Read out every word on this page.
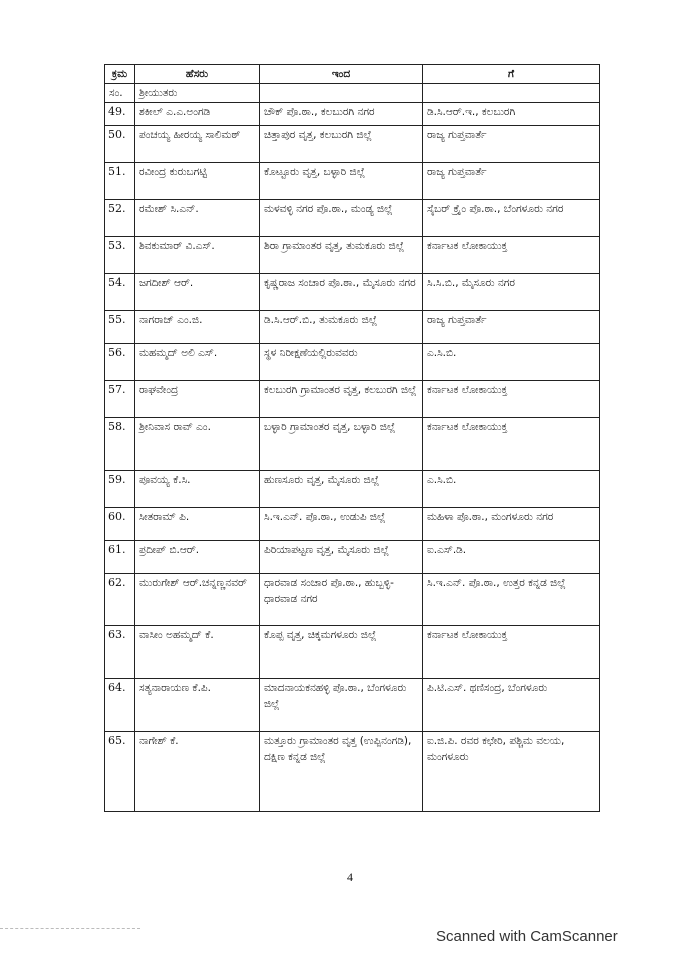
ಕ್ರಮ	ಹೆಸರು	ಇಂದ	ಗೆ
ಸಂ.	ಶ್ರೀಯುತರು		
49.	ಶಕೀಲ್ ಎ.ಎ.ಅಂಗಡಿ	ಚೌಕ್ ಪೊ.ಠಾ., ಕಲಬುರಗಿ ನಗರ	ಡಿ.ಸಿ.ಆರ್.ಇ., ಕಲಬುರಗಿ
50.	ಪಂಚಯ್ಯ ಹೀರಯ್ಯ ಸಾಲಿಮಠ್	ಚಿತ್ತಾಪುರ ವೃತ್ತ, ಕಲಬುರಗಿ ಜಿಲ್ಲೆ	ರಾಜ್ಯ ಗುಪ್ತವಾರ್ತೆ
51.	ರವೀಂದ್ರ ಕುರುಬಗಟ್ಟಿ	ಕೊಟ್ಟೂರು ವೃತ್ತ, ಬಳ್ಳಾರಿ ಜಿಲ್ಲೆ	ರಾಜ್ಯ ಗುಪ್ತವಾರ್ತೆ
52.	ರಮೇಶ್ ಸಿ.ಎನ್.	ಮಳವಳ್ಳಿ ನಗರ ಪೊ.ಠಾ., ಮಂಡ್ಯ ಜಿಲ್ಲೆ	ಸೈಬರ್ ಕ್ರೈಂ ಪೊ.ಠಾ., ಬೆಂಗಳೂರು ನಗರ
53.	ಶಿವಕುಮಾರ್ ವಿ.ಎಸ್.	ಶಿರಾ ಗ್ರಾಮಾಂತರ ವೃತ್ತ, ತುಮಕೂರು ಜಿಲ್ಲೆ	ಕರ್ನಾಟಕ ಲೋಕಾಯುಕ್ತ
54.	ಜಗದೀಶ್ ಆರ್.	ಕೃಷ್ಣರಾಜ ಸಂಚಾರ ಪೊ.ಠಾ., ಮೈಸೂರು ನಗರ	ಸಿ.ಸಿ.ಬಿ., ಮೈಸೂರು ನಗರ
55.	ನಾಗರಾಜ್ ಎಂ.ಜಿ.	ಡಿ.ಸಿ.ಆರ್.ಬಿ., ತುಮಕೂರು ಜಿಲ್ಲೆ	ರಾಜ್ಯ ಗುಪ್ತವಾರ್ತೆ
56.	ಮಹಮ್ಮದ್ ಅಲಿ ಎಸ್.	ಸ್ಥಳ ನಿರೀಕ್ಷಣೆಯಲ್ಲಿರುವವರು	ಎ.ಸಿ.ಬಿ.
57.	ರಾಘವೇಂದ್ರ	ಕಲಬುರಗಿ ಗ್ರಾಮಾಂತರ ವೃತ್ತ, ಕಲಬುರಗಿ ಜಿಲ್ಲೆ	ಕರ್ನಾಟಕ ಲೋಕಾಯುಕ್ತ
58.	ಶ್ರೀನಿವಾಸ ರಾವ್ ಎಂ.	ಬಳ್ಳಾರಿ ಗ್ರಾಮಾಂತರ ವೃತ್ತ, ಬಳ್ಳಾರಿ ಜಿಲ್ಲೆ	ಕರ್ನಾಟಕ ಲೋಕಾಯುಕ್ತ
59.	ಪೂವಯ್ಯ ಕೆ.ಸಿ.	ಹುಣಸೂರು ವೃತ್ತ, ಮೈಸೂರು ಜಿಲ್ಲೆ	ಎ.ಸಿ.ಬಿ.
60.	ಸೀತರಾಮ್ ಪಿ.	ಸಿ.ಇ.ಎನ್. ಪೊ.ಠಾ., ಉಡುಪಿ ಜಿಲ್ಲೆ	ಮಹಿಳಾ ಪೊ.ಠಾ., ಮಂಗಳೂರು ನಗರ
61.	ಪ್ರದೀಪ್ ಬಿ.ಆರ್.	ಪಿರಿಯಾಪಟ್ಟಣ ವೃತ್ತ, ಮೈಸೂರು ಜಿಲ್ಲೆ	ಐ.ಎಸ್.ಡಿ.
62.	ಮುರುಗೇಶ್ ಆರ್.ಚನ್ನಣ್ಣನವರ್	ಧಾರವಾಡ ಸಂಚಾರ ಪೊ.ಠಾ., ಹುಬ್ಬಳ್ಳಿ-ಧಾರವಾಡ ನಗರ	ಸಿ.ಇ.ಎನ್. ಪೊ.ಠಾ., ಉತ್ತರ ಕನ್ನಡ ಜಿಲ್ಲೆ
63.	ವಾಸೀಂ ಅಹಮ್ಮದ್ ಕೆ.	ಕೊಪ್ಪ ವೃತ್ತ, ಚಿಕ್ಕಮಗಳೂರು ಜಿಲ್ಲೆ	ಕರ್ನಾಟಕ ಲೋಕಾಯುಕ್ತ
64.	ಸತ್ಯನಾರಾಯಣ ಕೆ.ಪಿ.	ಮಾದನಾಯಕನಹಳ್ಳಿ ಪೊ.ಠಾ., ಬೆಂಗಳೂರು ಜಿಲ್ಲೆ	ಪಿ.ಟಿ.ಎಸ್. ಥಣಿಸಂದ್ರ, ಬೆಂಗಳೂರು
65.	ನಾಗೇಶ್ ಕೆ.	ಮತ್ತೂರು ಗ್ರಾಮಾಂತರ ವೃತ್ತ (ಉಪ್ಪಿನಂಗಡಿ), ದಕ್ಷಿಣ ಕನ್ನಡ ಜಿಲ್ಲೆ	ಐ.ಜಿ.ಪಿ. ರವರ ಕಛೇರಿ, ಪಶ್ಚಿಮ ವಲಯ, ಮಂಗಳೂರು
4
Scanned with CamScanner
